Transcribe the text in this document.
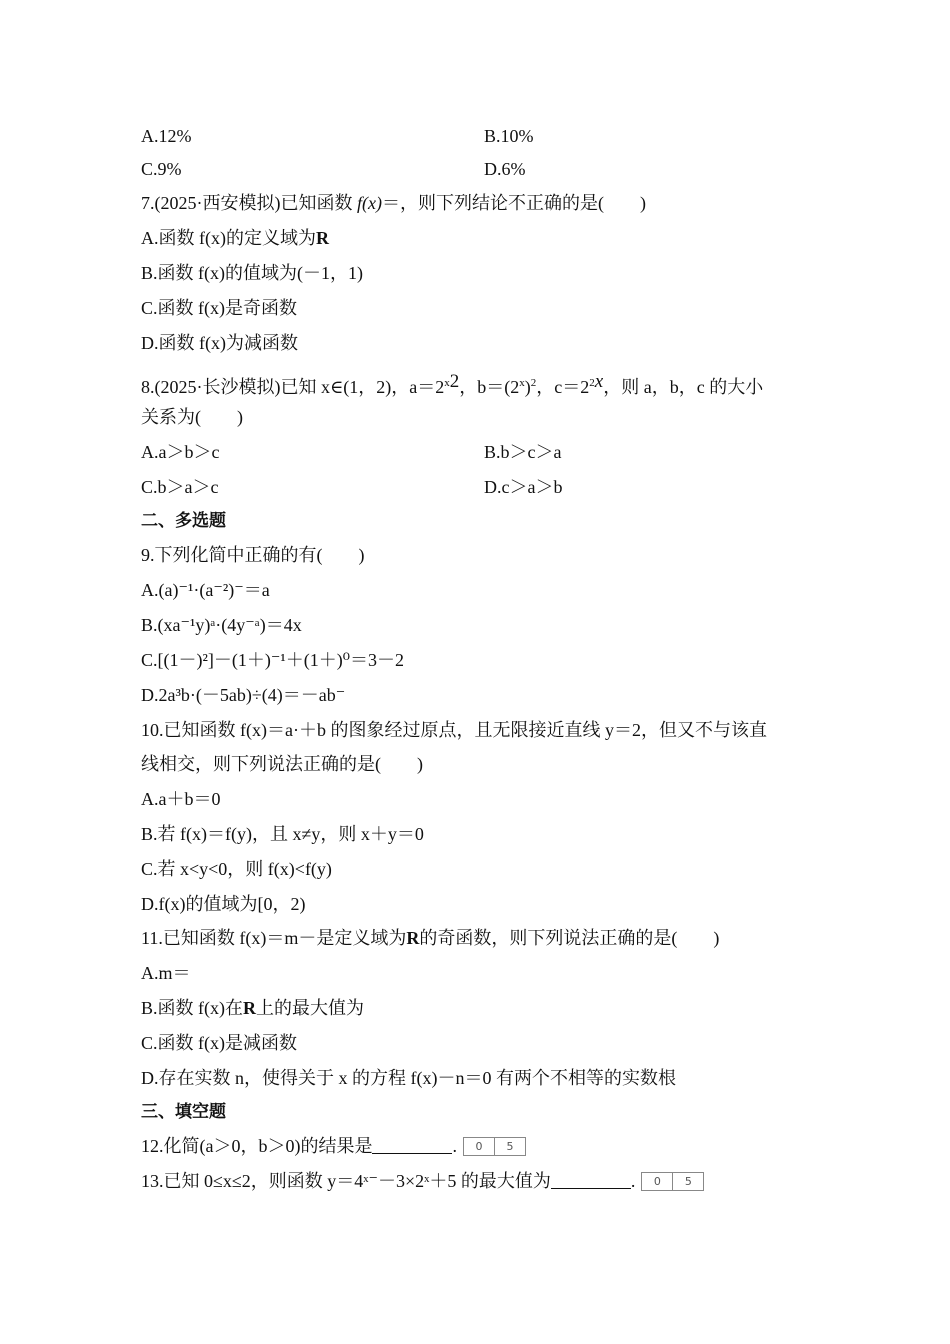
A.12%	B.10%
C.9%	D.6%
7.(2025·西安模拟)已知函数 f(x)＝，则下列结论不正确的是(　　)
A.函数 f(x)的定义域为R
B.函数 f(x)的值域为(－1，1)
C.函数 f(x)是奇函数
D.函数 f(x)为减函数
8.(2025·长沙模拟)已知 x∈(1，2)，$a=2^x2$，$b=(2^x)^2$，$c=2^2x$，则 a，b，c 的大小
关系为(　　)
A.a＞b＞c	B.b＞c＞a
C.b＞a＞c	D.c＞a＞b
二、多选题
9.下列化简中正确的有(　　)
A.(a)⁻¹·(a⁻²)⁻＝a
B.(xa⁻¹y)ᵃ·(4y⁻ᵃ)＝4x
C.[(1－)²]－(1＋)⁻¹＋(1＋)⁰＝3－2
D.2a³b·(－5ab)÷(4)＝－ab⁻
10.已知函数 f(x)＝a·＋b 的图象经过原点，且无限接近直线 y＝2，但又不与该直
线相交，则下列说法正确的是(　　)
A.a＋b＝0
B.若 f(x)＝f(y)，且 x≠y，则 x＋y＝0
C.若 x<y<0，则 f(x)<f(y)
D.f(x)的值域为[0，2)
11.已知函数 f(x)＝m－是定义域为R的奇函数，则下列说法正确的是(　　)
A.m＝
B.函数 f(x)在R上的最大值为
C.函数 f(x)是减函数
D.存在实数 n，使得关于 x 的方程 f(x)－n＝0 有两个不相等的实数根
三、填空题
12.化简(a＞0，b＞0)的结果是	.	0	5
13.已知 0≤x≤2，则函数 y＝4ˣ⁻－3×2ˣ＋5 的最大值为	.	0	5
